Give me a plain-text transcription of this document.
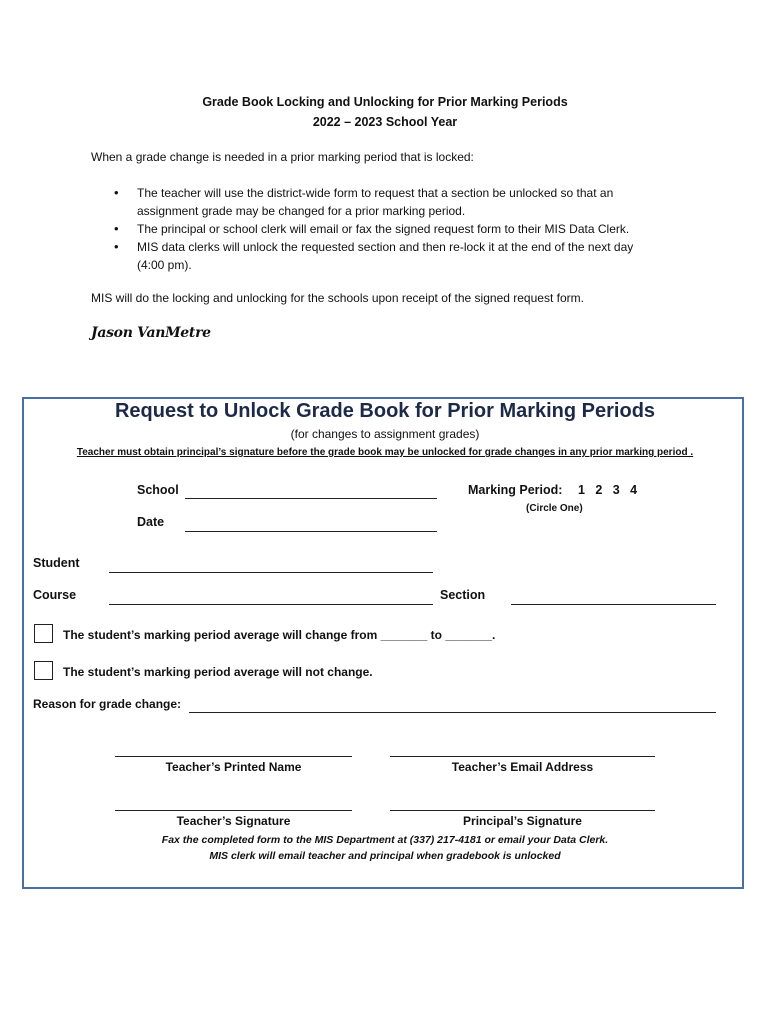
Grade Book Locking and Unlocking for Prior Marking Periods
2022 – 2023 School Year
When a grade change is needed in a prior marking period that is locked:
• The teacher will use the district-wide form to request that a section be unlocked so that an
assignment grade may be changed for a prior marking period.
• The principal or school clerk will email or fax the signed request form to their MIS Data Clerk.
• MIS data clerks will unlock the requested section and then re-lock it at the end of the next day
(4:00 pm).
MIS will do the locking and unlocking for the schools upon receipt of the signed request form.
Jason VanMetre
Request to Unlock Grade Book for Prior Marking Periods
(for changes to assignment grades)
Teacher must obtain principal’s signature before the grade book may be unlocked for grade changes in any prior marking period .
School
Date
Marking Period: 1   2   3   4
(Circle One)
Student
Course	Section
The student’s marking period average will change from _______ to _______.
The student’s marking period average will not change.
Reason for grade change:
Teacher’s Printed Name	Teacher’s Email Address
Teacher’s Signature	Principal’s Signature
Fax the completed form to the MIS Department at (337) 217-4181 or email your Data Clerk.
MIS clerk will email teacher and principal when gradebook is unlocked
